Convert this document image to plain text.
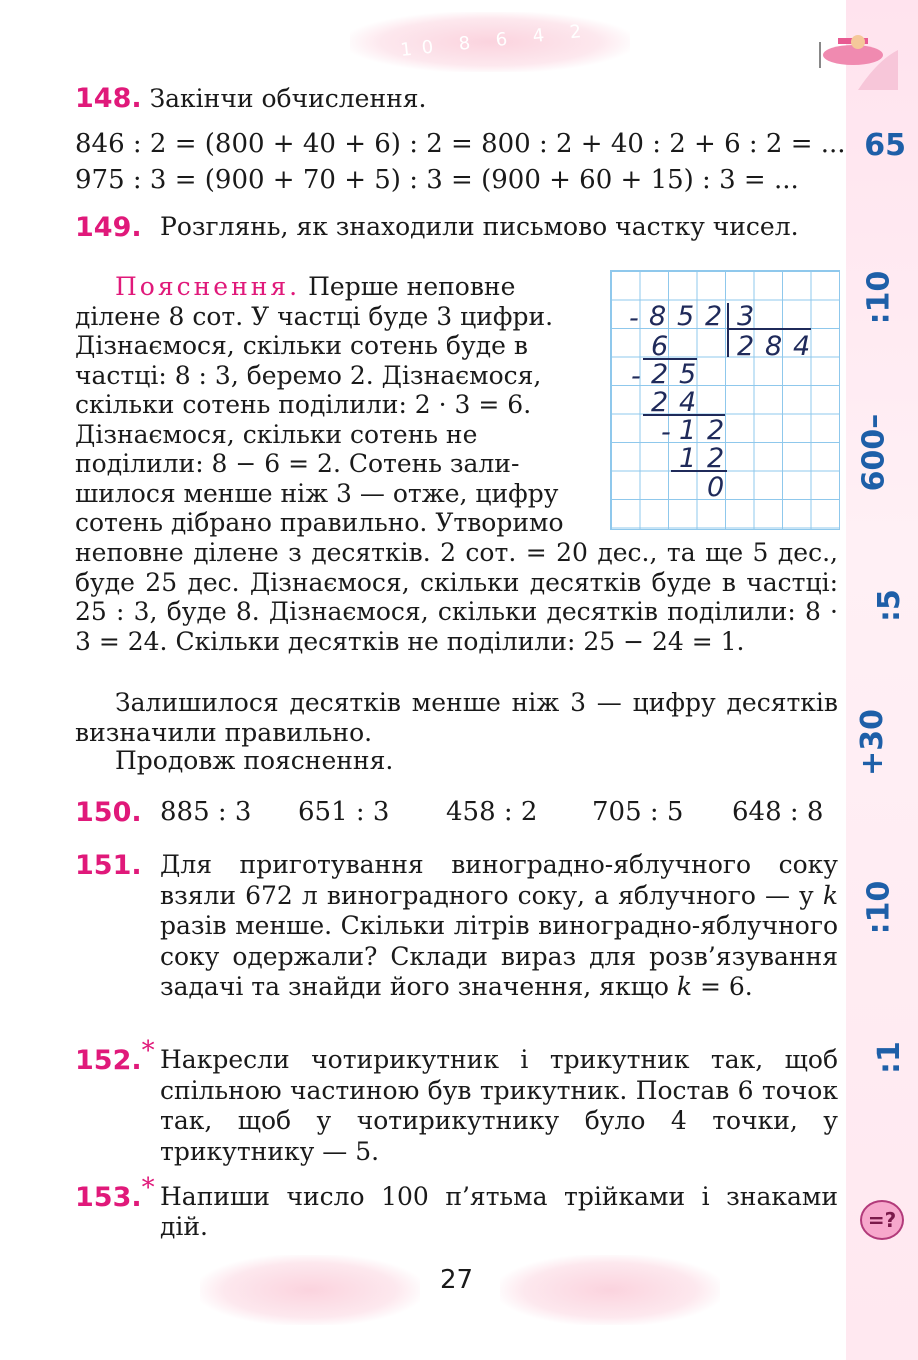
10 8 6 4 2
65
:10
600–
:5
+30
:10
:1
=?
148. Закінчи обчислення.
846 : 2 = (800 + 40 + 6) : 2 = 800 : 2 + 40 : 2 + 6 : 2 = ...
975 : 3 = (900 + 70 + 5) : 3 = (900 + 60 + 15) : 3 = ...
149. Розглянь, як знаходили письмово частку чисел.
Пояснення. Перше неповне
ділене 8 сот. У частці буде 3 цифри.
Дізнаємося, скільки сотень буде в
частці: 8 : 3, беремо 2. Дізнаємося,
скільки сотень поділили: 2 · 3 = 6.
Дізнаємося, скільки сотень не
поділили: 8 − 6 = 2. Сотень зали-
шилося менше ніж 3 — отже, цифру
сотень дібрано правильно. Утворимо
- 8 5 2 3
2 8 4
6
- 2 5
2 4
- 1 2
1 2
0
неповне ділене з десятків. 2 сот. = 20 дес., та ще 5 дес., буде 25 дес. Дізнаємося, скільки десятків буде в частці: 25 : 3, буде 8. Дізнаємося, скільки десятків поділили: 8 · 3 = 24. Скільки десятків не поділили: 25 − 24 = 1.
Залишилося десятків менше ніж 3 — цифру десятків визначили правильно.
Продовж пояснення.
150. 885 : 3 651 : 3 458 : 2 705 : 5 648 : 8
151. Для приготування виноградно-яблучного соку взяли 672 л виноградного соку, а яблучного — у k разів менше. Скільки літрів виноградно-яблучного соку одержали? Склади вираз для розв’язування задачі та знайди його значення, якщо k = 6.
152.* Накресли чотирикутник і трикутник так, щоб спільною частиною був трикутник. Постав 6 точок так, щоб у чотирикутнику було 4 точки, у трикутнику — 5.
153.* Напиши число 100 п’ятьма трійками і знаками дій.
27
